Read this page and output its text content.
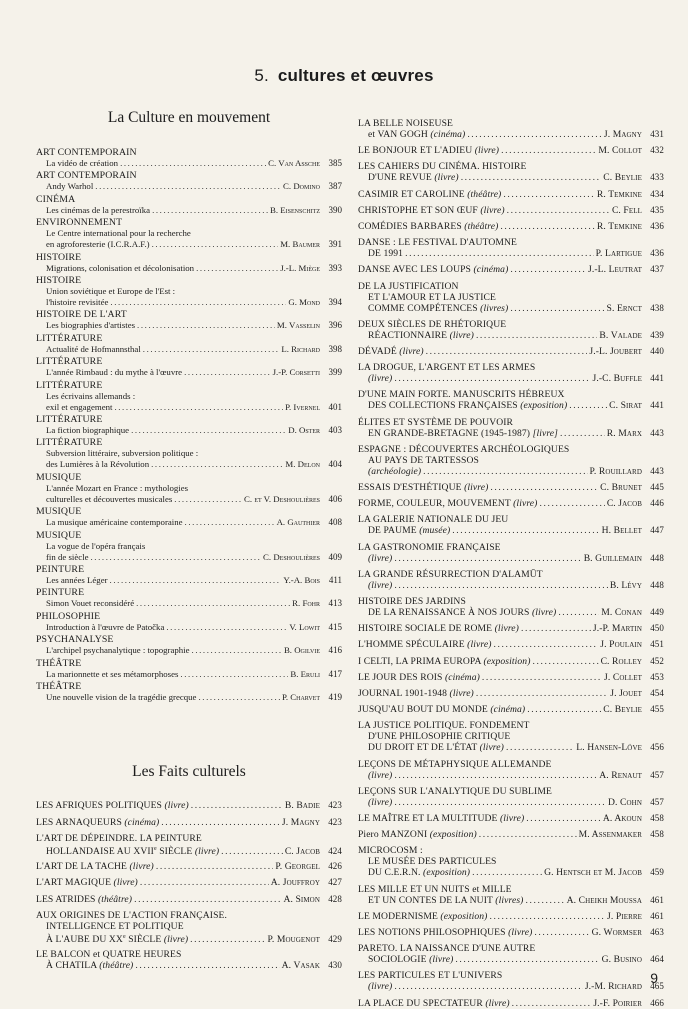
5. cultures et œuvres
La Culture en mouvement
Les Faits culturels
ART CONTEMPORAIN
La vidéo de création .....	C. Van Assche 385
ART CONTEMPORAIN
Andy Warhol .....	C. Domino 387
CINÉMA
Les cinémas de la perestroïka .....	B. Eisenschitz 390
ENVIRONNEMENT
Le Centre international pour la recherche
en agroforesterie (I.C.R.A.F.) .....	M. Baumer 391
HISTOIRE
Migrations, colonisation et décolonisation .....	J.-L. Miège 393
HISTOIRE
Union soviétique et Europe de l'Est :
l'histoire revisitée .....	G. Mond 394
HISTOIRE DE L'ART
Les biographies d'artistes .....	M. Vasselin 396
LITTÉRATURE
Actualité de Hofmannsthal .....	L. Richard 398
LITTÉRATURE
L'année Rimbaud : du mythe à l'œuvre .....	J.-P. Corsetti 399
LITTÉRATURE
Les écrivains allemands :
exil et engagement .....	P. Ivernel 401
LITTÉRATURE
La fiction biographique .....	D. Oster 403
LITTÉRATURE
Subversion littéraire, subversion politique :
des Lumières à la Révolution .....	M. Delon 404
MUSIQUE
L'année Mozart en France : mythologies
culturelles et découvertes musicales .....	C. et V. Deshoulières 406
MUSIQUE
La musique américaine contemporaine .....	A. Gauthier 408
MUSIQUE
La vogue de l'opéra français
fin de siècle .....	C. Deshoulières 409
PEINTURE
Les années Léger .....	Y.-A. Bois 411
PEINTURE
Simon Vouet reconsidéré .....	R. Fohr 413
PHILOSOPHIE
Introduction à l'œuvre de Patočka .....	V. Lowit 415
PSYCHANALYSE
L'archipel psychanalytique : topographie .....	B. Ogilvie 416
THÉÂTRE
La marionnette et ses métamorphoses .....	B. Eruli 417
THÉÂTRE
Une nouvelle vision de la tragédie grecque .....	P. Charvet 419
LES AFRIQUES POLITIQUES (livre) .....	B. Badie 423
LES ARNAQUEURS (cinéma) .....	J. Magny 423
L'ART DE DÉPEINDRE. LA PEINTURE
HOLLANDAISE AU XVIIe SIÈCLE (livre) .....	C. Jacob 424
L'ART DE LA TACHE (livre) .....	P. Georgel 426
L'ART MAGIQUE (livre) .....	A. Jouffroy 427
LES ATRIDES (théâtre) .....	A. Simon 428
AUX ORIGINES DE L'ACTION FRANÇAISE.
INTELLIGENCE ET POLITIQUE
À L'AUBE DU XXe SIÈCLE (livre) .....	P. Mougenot 429
LE BALCON et QUATRE HEURES
À CHATILA (théâtre) .....	A. Vasak 430
LA BELLE NOISEUSE
et VAN GOGH (cinéma) .....	J. Magny 431
LE BONJOUR ET L'ADIEU (livre) .....	M. Collot 432
LES CAHIERS DU CINÉMA. HISTOIRE
D'UNE REVUE (livre) .....	C. Beylie 433
CASIMIR ET CAROLINE (théâtre) .....	R. Temkine 434
CHRISTOPHE ET SON ŒUF (livre) .....	C. Fell 435
COMÉDIES BARBARES (théâtre) .....	R. Temkine 436
DANSE : LE FESTIVAL D'AUTOMNE
DE 1991 .....	P. Lartigue 436
DANSE AVEC LES LOUPS (cinéma) .....	J.-L. Leutrat 437
DE LA JUSTIFICATION
ET L'AMOUR ET LA JUSTICE
COMME COMPÉTENCES (livres) .....	S. Ernct 438
DEUX SIÈCLES DE RHÉTORIQUE
RÉACTIONNAIRE (livre) .....	B. Valade 439
DÉVADÉ (livre) .....	J.-L. Joubert 440
LA DROGUE, L'ARGENT ET LES ARMES
(livre) .....	J.-C. Buffle 441
D'UNE MAIN FORTE. MANUSCRITS HÉBREUX
DES COLLECTIONS FRANÇAISES (exposition) .....	C. Sirat 441
ÉLITES ET SYSTÈME DE POUVOIR
EN GRANDE-BRETAGNE (1945-1987) [livre] .....	R. Marx 443
ESPAGNE : DÉCOUVERTES ARCHÉOLOGIQUES
AU PAYS DE TARTESSOS
(archéologie) .....	P. Rouillard 443
ESSAIS D'ESTHÉTIQUE (livre) .....	C. Brunet 445
FORME, COULEUR, MOUVEMENT (livre) .....	C. Jacob 446
LA GALERIE NATIONALE DU JEU
DE PAUME (musée) .....	H. Bellet 447
LA GASTRONOMIE FRANÇAISE
(livre) .....	B. Guillemain 448
LA GRANDE RÉSURRECTION D'ALAMŪT
(livre) .....	B. Lévy 448
HISTOIRE DES JARDINS
DE LA RENAISSANCE À NOS JOURS (livre) .....	M. Conan 449
HISTOIRE SOCIALE DE ROME (livre) .....	J.-P. Martin 450
L'HOMME SPÉCULAIRE (livre) .....	J. Poulain 451
I CELTI, LA PRIMA EUROPA (exposition) .....	C. Rolley 452
LE JOUR DES ROIS (cinéma) .....	J. Collet 453
JOURNAL 1901-1948 (livre) .....	J. Jouet 454
JUSQU'AU BOUT DU MONDE (cinéma) .....	C. Beylie 455
LA JUSTICE POLITIQUE. FONDEMENT
D'UNE PHILOSOPHIE CRITIQUE
DU DROIT ET DE L'ÉTAT (livre) .....	L. Hansen-Löve 456
LEÇONS DE MÉTAPHYSIQUE ALLEMANDE
(livre) .....	A. Renaut 457
LEÇONS SUR L'ANALYTIQUE DU SUBLIME
(livre) .....	D. Cohn 457
LE MAÎTRE ET LA MULTITUDE (livre) .....	A. Akoun 458
Piero MANZONI (exposition) .....	M. Assenmaker 458
MICROCOSM :
LE MUSÉE DES PARTICULES
DU C.E.R.N. (exposition) .....	G. Hentsch et M. Jacob 459
LES MILLE ET UN NUITS et MILLE
ET UN CONTES DE LA NUIT (livres) .....	A. Cheikh Moussa 461
LE MODERNISME (exposition) .....	J. Pierre 461
LES NOTIONS PHILOSOPHIQUES (livre) .....	G. Wormser 463
PARETO. LA NAISSANCE D'UNE AUTRE
SOCIOLOGIE (livre) .....	G. Busino 464
LES PARTICULES ET L'UNIVERS
(livre) .....	J.-M. Richard 465
LA PLACE DU SPECTATEUR (livre) .....	J.-F. Poirier 466
9
